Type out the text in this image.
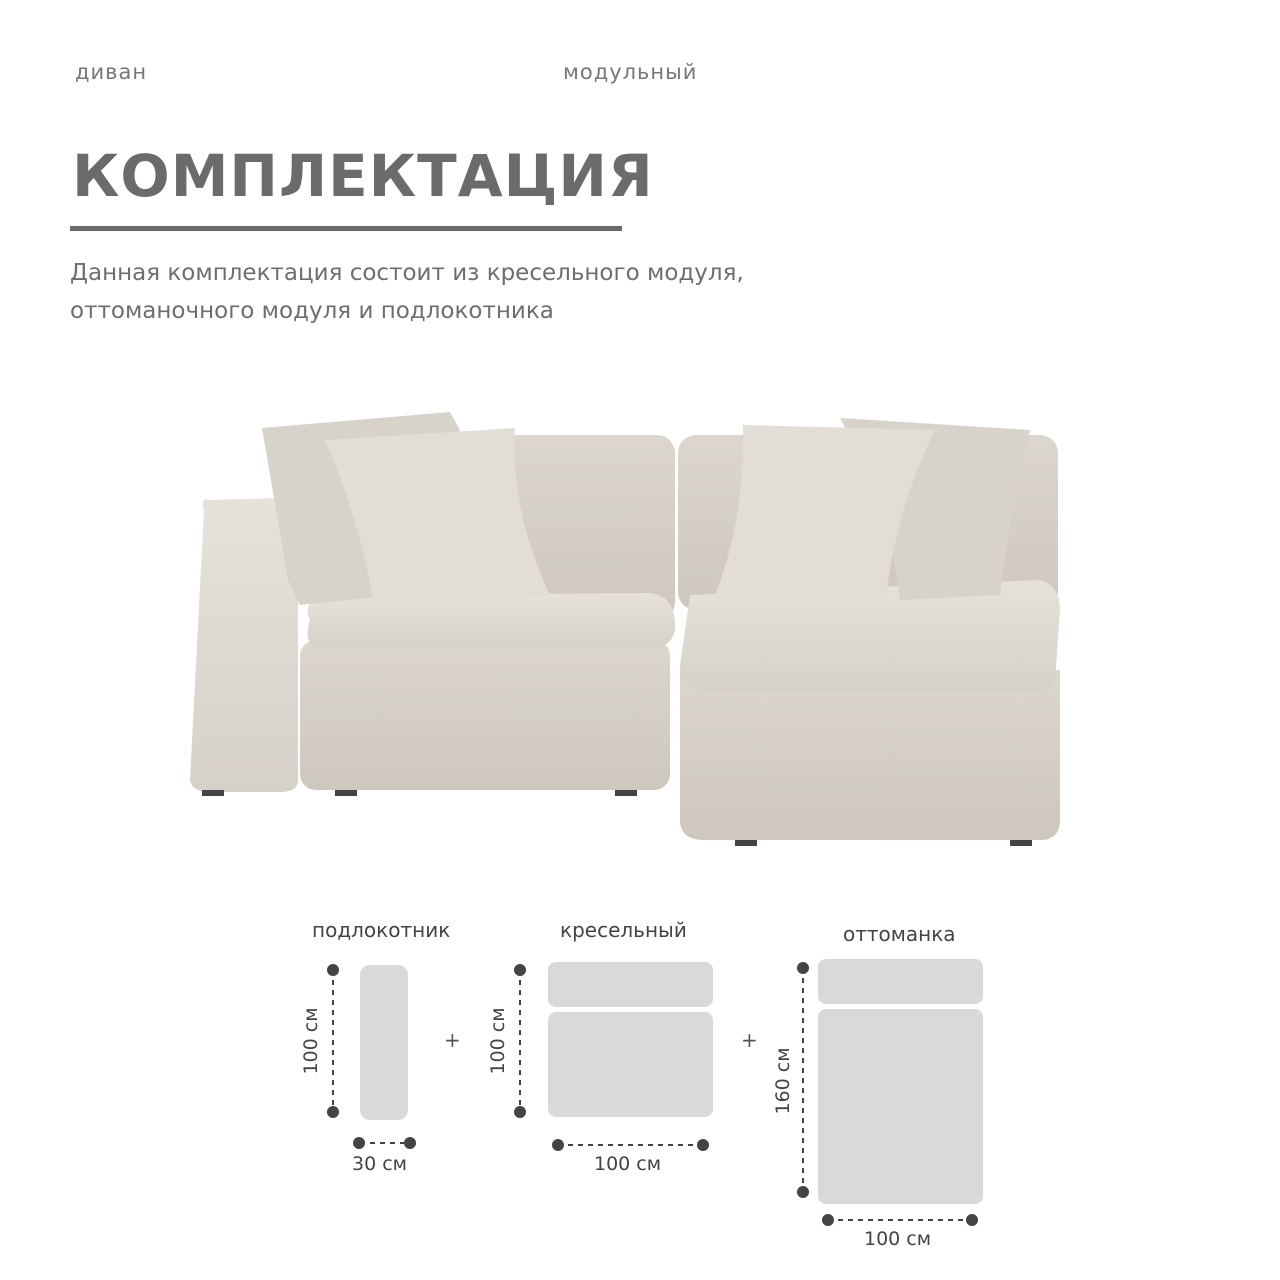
диван	модульный
КОМПЛЕКТАЦИЯ
Данная комплектация состоит из кресельного модуля,
оттоманочного модуля и подлокотника
подлокотник	кресельный	оттоманка
100 см
30 см
100 см
100 см
160 см
100 см
+	+
